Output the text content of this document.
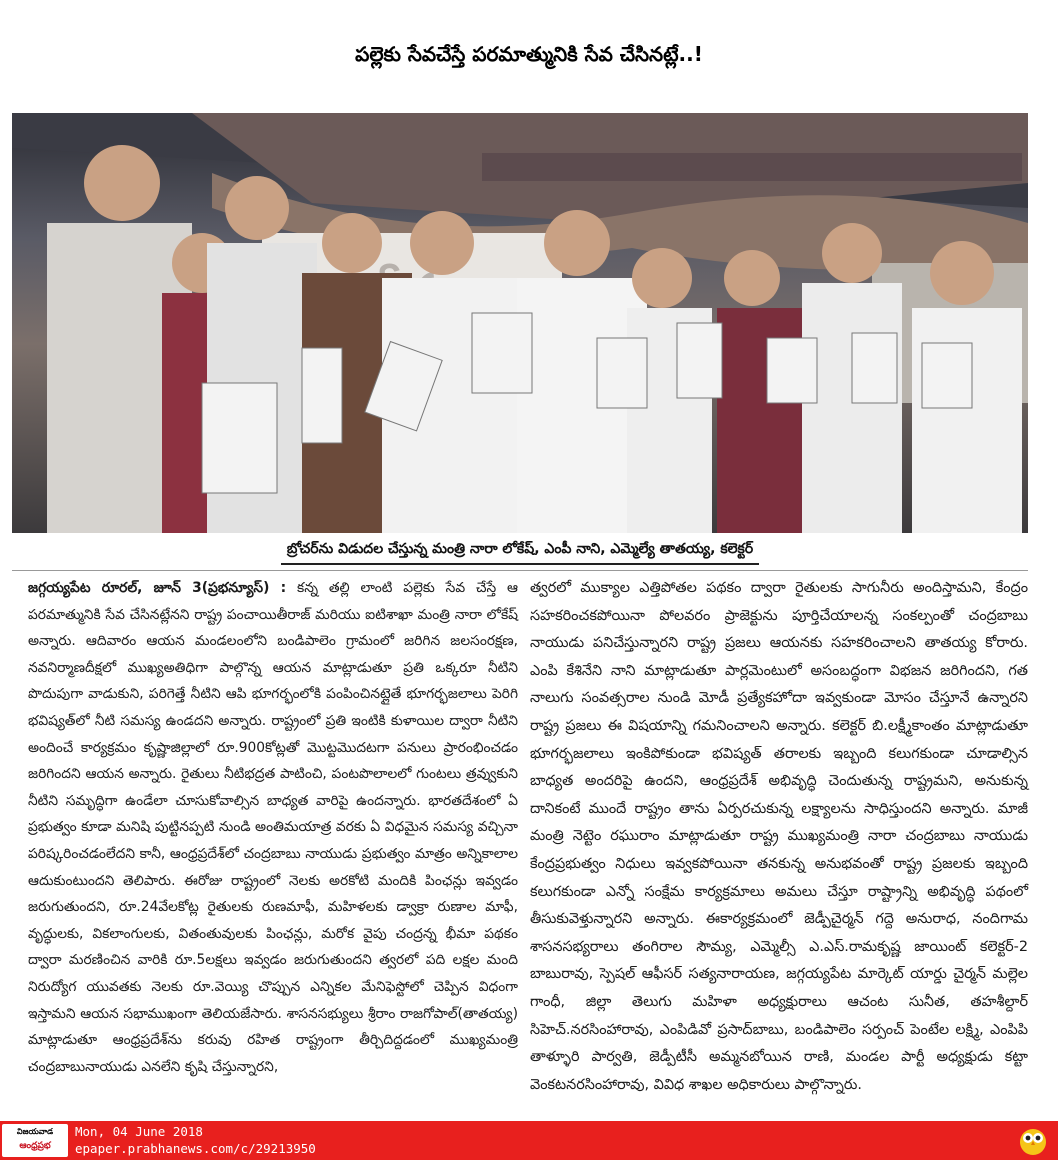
పల్లెకు సేవచేస్తే పరమాత్మునికి సేవ చేసినట్లే..!
బ్రోచర్‌ను విడుదల చేస్తున్న మంత్రి నారా లోకేష్, ఎంపీ నాని, ఎమ్మెల్యే తాతయ్య, కలెక్టర్
జగ్గయ్యపేట రూరల్, జూన్ 3(ప్రభన్యూస్) : కన్న తల్లి లాంటి పల్లెకు సేవ చేస్తే ఆ పరమాత్మునికి సేవ చేసినట్లేనని రాష్ట్ర పంచాయితీరాజ్ మరియు ఐటిశాఖా మంత్రి నారా లోకేష్ అన్నారు. ఆదివారం ఆయన మండలంలోని బండిపాలెం గ్రామంలో జరిగిన జలసంరక్షణ, నవనిర్మాణదీక్షలో ముఖ్యఅతిధిగా పాల్గొన్న ఆయన మాట్లాడుతూ ప్రతి ఒక్కరూ నీటిని పొదుపుగా వాడుకుని, పరిగెత్తే నీటిని ఆపి భూగర్భంలోకి పంపించినట్లైతే భూగర్భజలాలు పెరిగి భవిష్యత్‌లో నీటి సమస్య ఉండదని అన్నారు. రాష్ట్రంలో ప్రతి ఇంటికి కుళాయిల ద్వారా నీటిని అందించే కార్యక్రమం కృష్ణాజిల్లాలో రూ.900కోట్లతో మొట్టమొదటగా పనులు ప్రారంభించడం జరిగిందని ఆయన అన్నారు. రైతులు నీటిభద్రత పాటించి, పంటపొలాలలో గుంటలు త్రవ్వుకుని నీటిని సమృద్ధిగా ఉండేలా చూసుకోవాల్సిన బాధ్యత వారిపై ఉందన్నారు. భారతదేశంలో ఏ ప్రభుత్వం కూడా మనిషి పుట్టినప్పటి నుండి అంతిమయాత్ర వరకు ఏ విధమైన సమస్య వచ్చినా పరిష్కరించడంలేదని కానీ, ఆంధ్రప్రదేశ్‌లో చంద్రబాబు నాయుడు ప్రభుత్వం మాత్రం అన్నికాలాల ఆదుకుంటుందని తెలిపారు. ఈరోజు రాష్ట్రంలో నెలకు అరకోటి మందికి పింఛన్లు ఇవ్వడం జరుగుతుందని, రూ.24వేలకోట్ల రైతులకు రుణమాఫీ, మహిళలకు డ్వాక్రా రుణాల మాఫీ, వృద్ధులకు, వికలాంగులకు, వితంతువులకు పింఛన్లు, మరోక వైపు చంద్రన్న భీమా పథకం ద్వారా మరణించిన వారికి రూ.5లక్షలు ఇవ్వడం జరుగుతుందని త్వరలో పది లక్షల మంది నిరుద్యోగ యువతకు నెలకు రూ.వెయ్యి చొప్పున ఎన్నికల మేనిఫెస్టోలో చెప్పిన విధంగా ఇస్తామని ఆయన సభాముఖంగా తెలియజేసారు. శాసనసభ్యులు శ్రీరాం రాజగోపాల్(తాతయ్య) మాట్లాడుతూ ఆంధ్రప్రదేశ్‌ను కరువు రహిత రాష్ట్రంగా తీర్చిదిద్దడంలో ముఖ్యమంత్రి చంద్రబాబునాయుడు ఎనలేని కృషి చేస్తున్నారని,
త్వరలో ముక్యాల ఎత్తిపోతల పథకం ద్వారా రైతులకు సాగునీరు అందిస్తామని, కేంద్రం సహకరించకపోయినా పోలవరం ప్రాజెక్టును పూర్తిచేయాలన్న సంకల్పంతో చంద్రబాబు నాయుడు పనిచేస్తున్నారని రాష్ట్ర ప్రజలు ఆయనకు సహకరించాలని తాతయ్య కోరారు. ఎంపి కేశినేని నాని మాట్లాడుతూ పార్లమెంటులో అసంబద్ధంగా విభజన జరిగిందని, గత నాలుగు సంవత్సరాల నుండి మోడీ ప్రత్యేకహోదా ఇవ్వకుండా మోసం చేస్తూనే ఉన్నారని రాష్ట్ర ప్రజలు ఈ విషయాన్ని గమనించాలని అన్నారు. కలెక్టర్ బి.లక్ష్మీకాంతం మాట్లాడుతూ భూగర్భజలాలు ఇంకిపోకుండా భవిష్యత్ తరాలకు ఇబ్బంది కలుగకుండా చూడాల్సిన బాధ్యత అందరిపై ఉందని, ఆంధ్రప్రదేశ్ అభివృద్ధి చెందుతున్న రాష్ట్రమని, అనుకున్న దానికంటే ముందే రాష్ట్రం తాను ఏర్పరచుకున్న లక్ష్యాలను సాధిస్తుందని అన్నారు. మాజీ మంత్రి నెట్టెం రఘురాం మాట్లాడుతూ రాష్ట్ర ముఖ్యమంత్రి నారా చంద్రబాబు నాయుడు కేంద్రప్రభుత్వం నిధులు ఇవ్వకపోయినా తనకున్న అనుభవంతో రాష్ట్ర ప్రజలకు ఇబ్బంది కలుగకుండా ఎన్నో సంక్షేమ కార్యక్రమాలు అమలు చేస్తూ రాష్ట్రాన్ని అభివృద్ధి పథంలో తీసుకువెళ్తున్నారని అన్నారు. ఈకార్యక్రమంలో జెడ్పీచైర్మన్ గద్దె అనురాధ, నందిగామ శాసనసభ్యరాలు తంగిరాల సౌమ్య, ఎమ్మెల్సీ ఎ.ఎస్.రామకృష్ణ జాయింట్ కలెక్టర్-2 బాబురావు, స్పెషల్ ఆఫీసర్ సత్యనారాయణ, జగ్గయ్యపేట మార్కెట్ యార్డు చైర్మన్ మల్లెల గాంధీ, జిల్లా తెలుగు మహిళా అధ్యక్షురాలు ఆచంట సునీత, తహశీల్దార్ సిహెచ్.నరసింహారావు, ఎంపిడివో ప్రసాద్‌బాబు, బండిపాలెం సర్పంచ్ పెంటేల లక్ష్మి, ఎంపిపి తాళ్ళూరి పార్వతి, జెడ్పీటీసీ అమ్మనబోయిన రాణి, మండల పార్టీ అధ్యక్షుడు కట్టా వెంకటనరసింహారావు, వివిధ శాఖల అధికారులు పాల్గొన్నారు.
విజయవాడ
ఆంధ్రప్రభ
Mon, 04 June 2018
epaper.prabhanews.com/c/29213950
